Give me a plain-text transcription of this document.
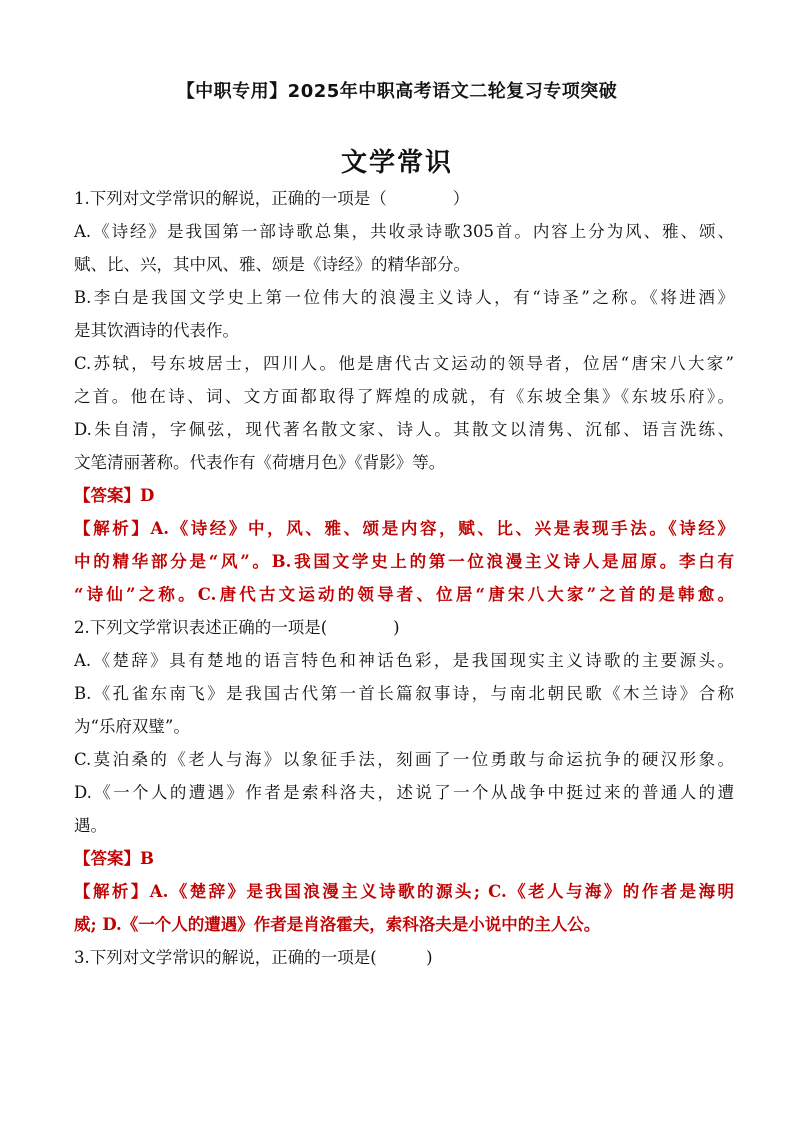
【中职专用】2025年中职高考语文二轮复习专项突破
文学常识
1.下列对文学常识的解说，正确的一项是（　　　　）
A.《诗经》是我国第一部诗歌总集，共收录诗歌305首。内容上分为风、雅、颂、
赋、比、兴，其中风、雅、颂是《诗经》的精华部分。
B.李白是我国文学史上第一位伟大的浪漫主义诗人，有“诗圣”之称。《将进酒》
是其饮酒诗的代表作。
C.苏轼，号东坡居士，四川人。他是唐代古文运动的领导者，位居“唐宋八大家”
之首。他在诗、词、文方面都取得了辉煌的成就，有《东坡全集》《东坡乐府》。
D.朱自清，字佩弦，现代著名散文家、诗人。其散文以清隽、沉郁、语言洗练、
文笔清丽著称。代表作有《荷塘月色》《背影》等。
【答案】D
【解析】A.《诗经》中，风、雅、颂是内容，赋、比、兴是表现手法。《诗经》
中的精华部分是“风”。B.我国文学史上的第一位浪漫主义诗人是屈原。李白有
“诗仙”之称。C.唐代古文运动的领导者、位居“唐宋八大家”之首的是韩愈。
2.下列文学常识表述正确的一项是(　　　　)
A.《楚辞》具有楚地的语言特色和神话色彩，是我国现实主义诗歌的主要源头。
B.《孔雀东南飞》是我国古代第一首长篇叙事诗，与南北朝民歌《木兰诗》合称
为“乐府双璧”。
C.莫泊桑的《老人与海》以象征手法，刻画了一位勇敢与命运抗争的硬汉形象。
D.《一个人的遭遇》作者是索科洛夫，述说了一个从战争中挺过来的普通人的遭
遇。
【答案】B
【解析】A.《楚辞》是我国浪漫主义诗歌的源头; C.《老人与海》的作者是海明
威; D.《一个人的遭遇》作者是肖洛霍夫，索科洛夫是小说中的主人公。
3.下列对文学常识的解说，正确的一项是(　　　)
